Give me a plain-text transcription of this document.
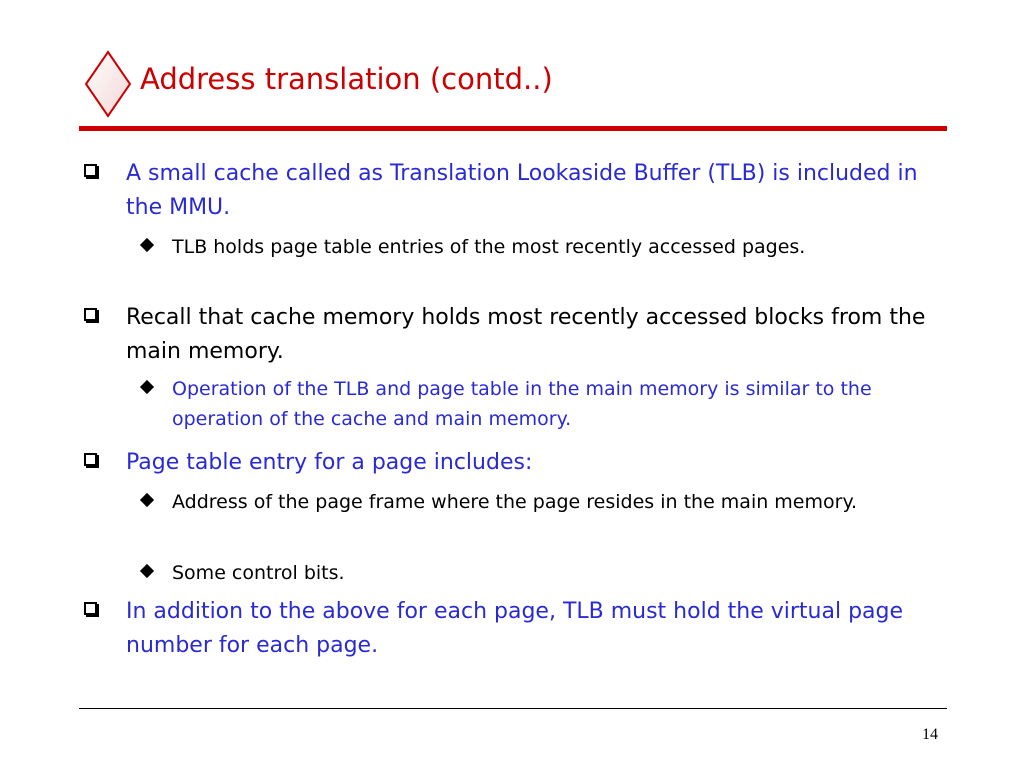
Address translation (contd..)
A small cache called as Translation Lookaside Buffer (TLB) is included in the MMU.
TLB holds page table entries of the most recently accessed pages.
Recall that cache memory holds most recently accessed blocks from the main memory.
Operation of the TLB and page table in the main memory is similar to the operation of the cache and main memory.
Page table entry for a page includes:
Address of the page frame where the page resides in the main memory.
Some control bits.
In addition to the above for each page, TLB must hold the virtual page number for each page.
14
